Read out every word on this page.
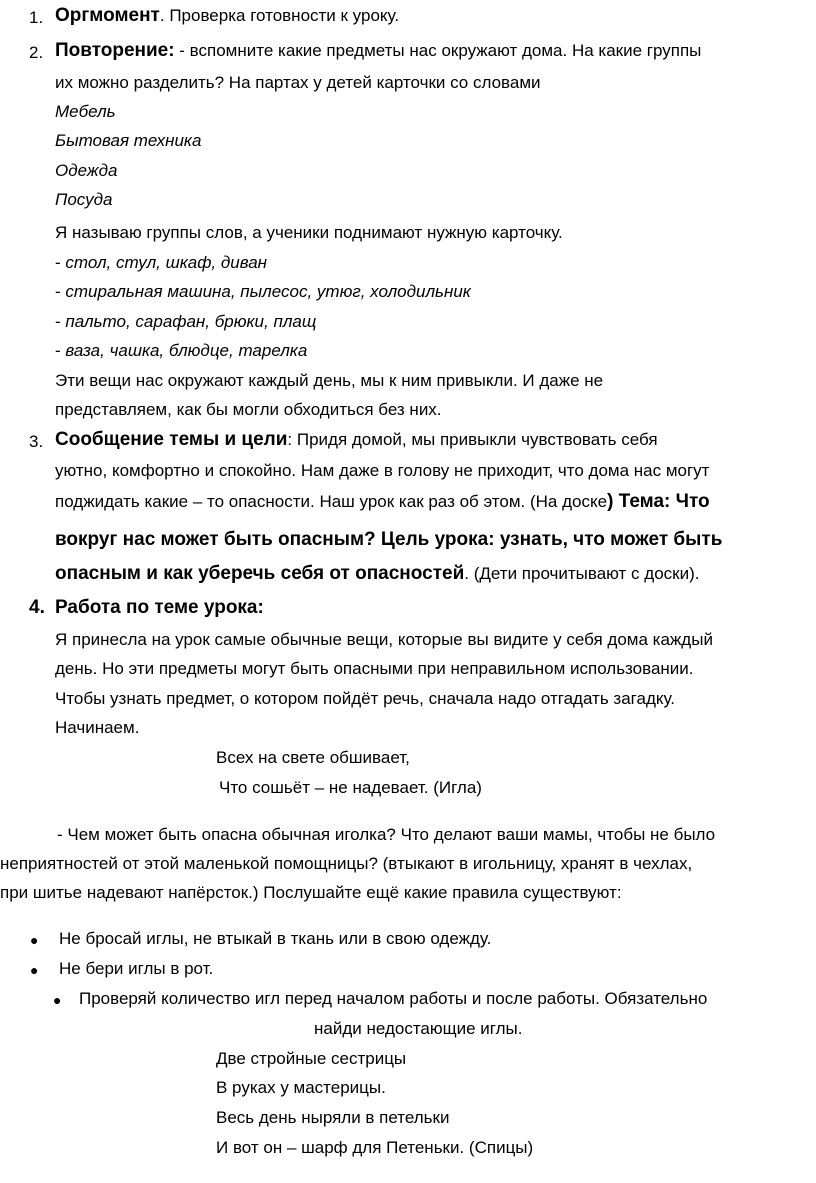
1. Оргмомент. Проверка готовности к уроку.
2. Повторение: - вспомните какие предметы нас окружают дома. На какие группы
их можно разделить? На партах у детей карточки со словами
Мебель
Бытовая техника
Одежда
Посуда
Я называю группы слов, а ученики поднимают нужную карточку.
- стол, стул, шкаф, диван
- стиральная машина, пылесос, утюг, холодильник
- пальто, сарафан, брюки, плащ
- ваза, чашка, блюдце, тарелка
Эти вещи нас окружают каждый день, мы к ним привыкли. И даже не
представляем, как бы могли обходиться без них.
3. Сообщение темы и цели: Придя домой, мы привыкли чувствовать себя
уютно, комфортно и спокойно. Нам даже в голову не приходит, что дома нас могут
поджидать какие – то опасности. Наш урок как раз об этом. (На доске) Тема: Что
вокруг нас может быть опасным? Цель урока: узнать, что может быть
опасным и как уберечь себя от опасностей. (Дети прочитывают с доски).
4. Работа по теме урока:
Я принесла на урок самые обычные вещи, которые вы видите у себя дома каждый
день. Но эти предметы могут быть опасными при неправильном использовании.
Чтобы узнать предмет, о котором пойдёт речь, сначала надо отгадать загадку.
Начинаем.
Всех на свете обшивает,
Что сошьёт – не надевает. (Игла)
- Чем может быть опасна обычная иголка? Что делают ваши мамы, чтобы не было
неприятностей от этой маленькой помощницы? (втыкают в игольницу, хранят в чехлах,
при шитье надевают напёрсток.) Послушайте ещё какие правила существуют:
● Не бросай иглы, не втыкай в ткань или в свою одежду.
● Не бери иглы в рот.
● Проверяй количество игл перед началом работы и после работы. Обязательно
найди недостающие иглы.
Две стройные сестрицы
В руках у мастерицы.
Весь день ныряли в петельки
И вот он – шарф для Петеньки. (Спицы)
